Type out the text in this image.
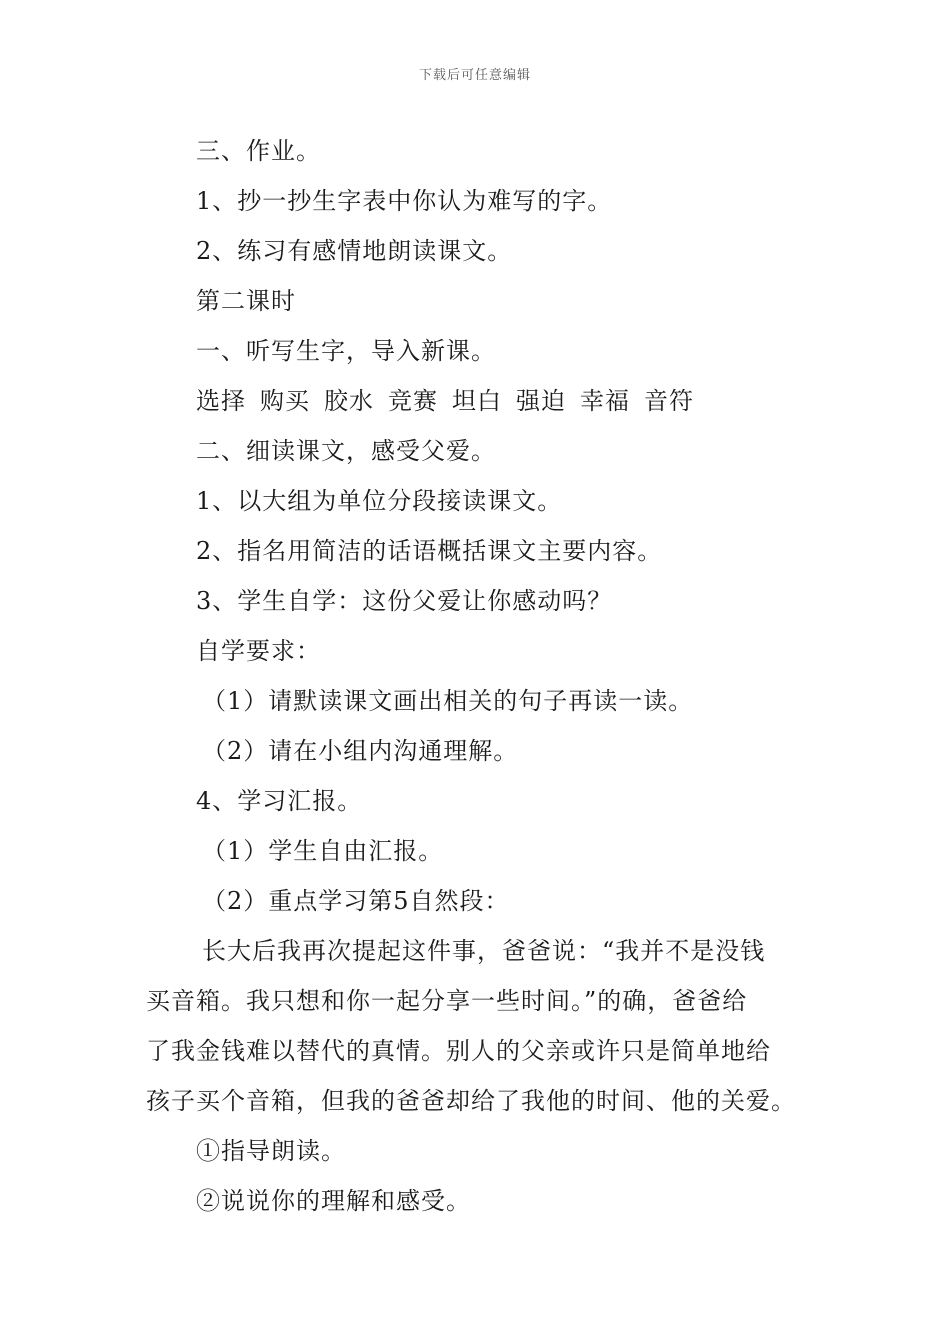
下载后可任意编辑
三、作业。
1、抄一抄生字表中你认为难写的字。
2、练习有感情地朗读课文。
第二课时
一、听写生字，导入新课。
选择 购买 胶水 竞赛 坦白 强迫 幸福 音符
二、细读课文，感受父爱。
1、以大组为单位分段接读课文。
2、指名用简洁的话语概括课文主要内容。
3、学生自学：这份父爱让你感动吗？
自学要求：
（1）请默读课文画出相关的句子再读一读。
（2）请在小组内沟通理解。
4、学习汇报。
（1）学生自由汇报。
（2）重点学习第5自然段：
长大后我再次提起这件事，爸爸说：“我并不是没钱
买音箱。我只想和你一起分享一些时间。”的确，爸爸给
了我金钱难以替代的真情。别人的父亲或许只是简单地给
孩子买个音箱，但我的爸爸却给了我他的时间、他的关爱。
①指导朗读。
②说说你的理解和感受。
